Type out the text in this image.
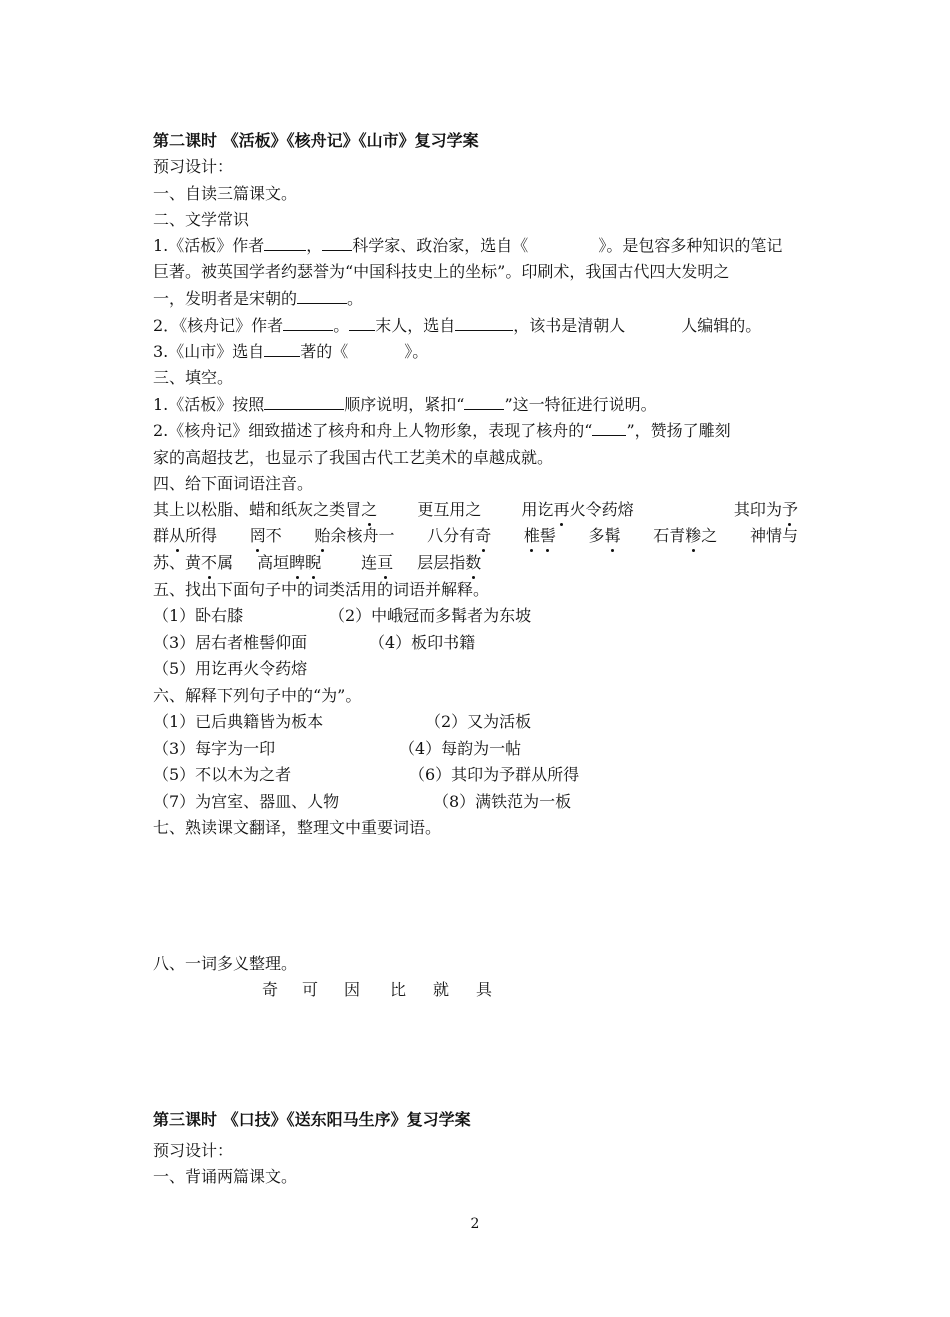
第二课时 《活板》《核舟记》《山市》复习学案
预习设计：
一、自读三篇课文。
二、文学常识
1.《活板》作者	， 科学家、政治家，选自《	》。是包容多种知识的笔记
巨著。被英国学者约瑟誉为“中国科技史上的坐标”。印刷术，我国古代四大发明之
一，发明者是宋朝的	。
2．《核舟记》作者	。 末人，选自	，该书是清朝人	人编辑的。
3.《山市》选自 著的《	》。
三、填空。
1.《活板》按照	顺序说明，紧扣“	”这一特征进行说明。
2.《核舟记》细致描述了核舟和舟上人物形象，表现了核舟的“ ”，赞扬了雕刻
家的高超技艺，也显示了我国古代工艺美术的卓越成就。
四、给下面词语注音。
其上以松脂、蜡和纸灰之类冒之	更互用之	用讫再火令药熔	其印为予
群从所得 罔不 贻余核舟一 八分有奇 椎髻 多髯 石青糁之 神情与
苏、黄不属 高垣睥睨	连亘 层层指数
五、找出下面句子中的词类活用的词语并解释。
（1）卧右膝	（2）中峨冠而多髯者为东坡
（3）居右者椎髻仰面	（4）板印书籍
（5）用讫再火令药熔
六、解释下列句子中的“为”。
（1）已后典籍皆为板本	（2）又为活板
（3）每字为一印	（4）每韵为一帖
（5）不以木为之者	（6）其印为予群从所得
（7）为宫室、器皿、人物	（8）满铁范为一板
七、熟读课文翻译，整理文中重要词语。
八、一词多义整理。
奇 可 因 比 就 具
第三课时 《口技》《送东阳马生序》复习学案
预习设计：
一、背诵两篇课文。
2
